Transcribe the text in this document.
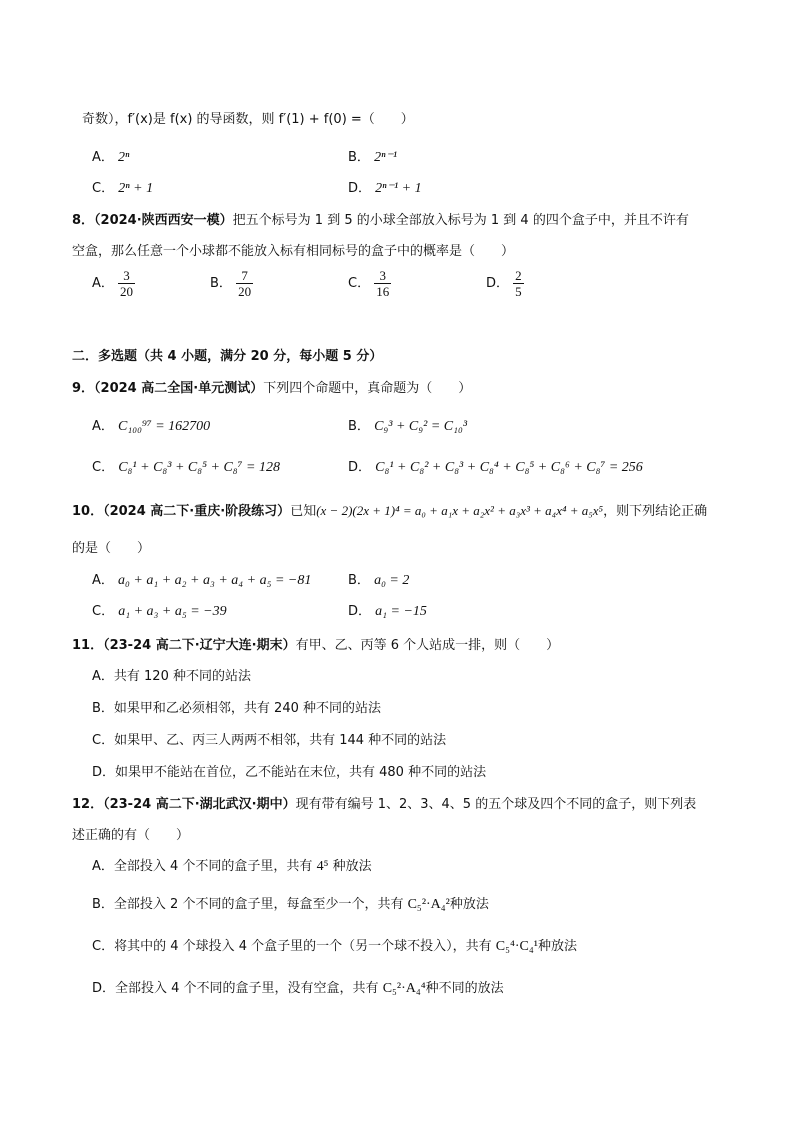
奇数），f′(x)是 f(x) 的导函数，则 f′(1) + f(0) =（　　）
A． 2ⁿ	B． 2ⁿ⁻¹
C． 2ⁿ + 1	D． 2ⁿ⁻¹ + 1
8．（2024·陕西西安一模）把五个标号为 1 到 5 的小球全部放入标号为 1 到 4 的四个盒子中，并且不许有
空盒，那么任意一个小球都不能放入标有相同标号的盒子中的概率是（　　）
A． $\frac{3}{20}$	B． $\frac{7}{20}$	C． $\frac{3}{16}$	D． $\frac{2}{5}$
二．多选题（共 4 小题，满分 20 分，每小题 5 分）
9．（2024 高二全国·单元测试）下列四个命题中，真命题为（　　）
A． C₁₀₀⁹⁷ = 162700	B． C₉³ + C₉² = C₁₀³
C． C₈¹ + C₈³ + C₈⁵ + C₈⁷ = 128	D． C₈¹ + C₈² + C₈³ + C₈⁴ + C₈⁵ + C₈⁶ + C₈⁷ = 256
10．（2024 高二下·重庆·阶段练习）已知(x − 2)(2x + 1)⁴ = a₀ + a₁x + a₂x² + a₃x³ + a₄x⁴ + a₅x⁵，则下列结论正确
的是（　　）
A． a₀ + a₁ + a₂ + a₃ + a₄ + a₅ = −81	B． a₀ = 2
C． a₁ + a₃ + a₅ = −39	D． a₁ = −15
11．（23-24 高二下·辽宁大连·期末）有甲、乙、丙等 6 个人站成一排，则（　　）
A．共有 120 种不同的站法
B．如果甲和乙必须相邻，共有 240 种不同的站法
C．如果甲、乙、丙三人两两不相邻，共有 144 种不同的站法
D．如果甲不能站在首位，乙不能站在末位，共有 480 种不同的站法
12．（23-24 高二下·湖北武汉·期中）现有带有编号 1、2、3、4、5 的五个球及四个不同的盒子，则下列表
述正确的有（　　）
A．全部投入 4 个不同的盒子里，共有 4⁵ 种放法
B．全部投入 2 个不同的盒子里，每盒至少一个，共有 C₅²·A₄²种放法
C．将其中的 4 个球投入 4 个盒子里的一个（另一个球不投入），共有 C₅⁴·C₄¹种放法
D．全部投入 4 个不同的盒子里，没有空盒，共有 C₅²·A₄⁴种不同的放法
